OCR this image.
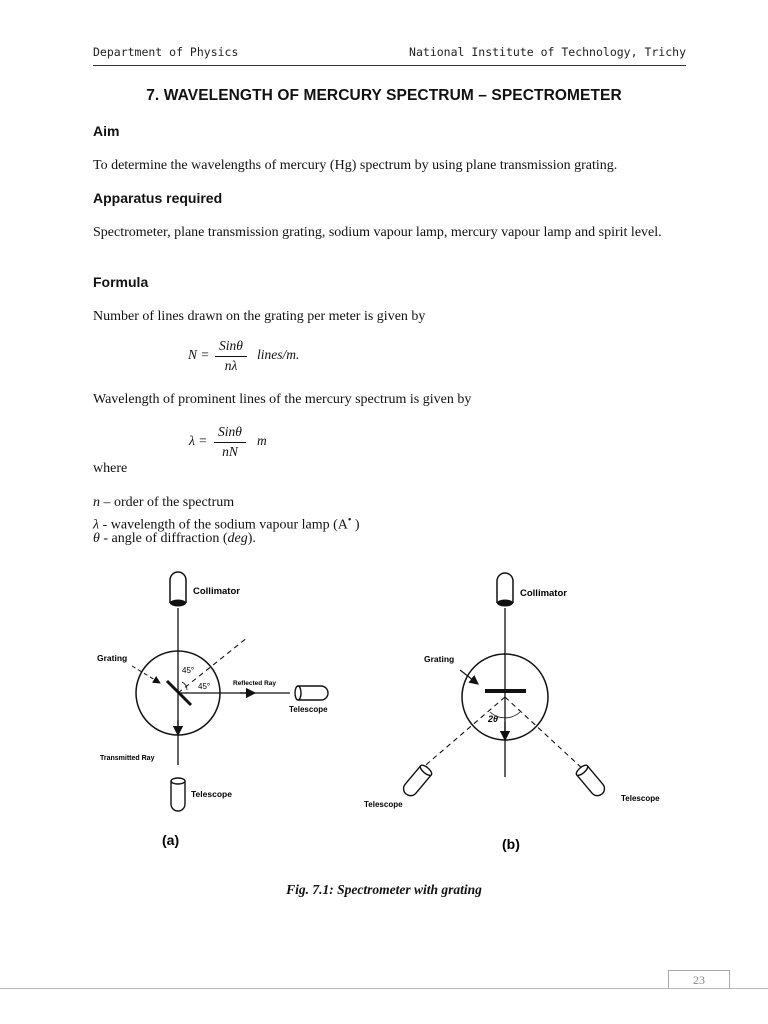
Department of Physics	National Institute of Technology, Trichy
7. WAVELENGTH OF MERCURY SPECTRUM – SPECTROMETER
Aim
To determine the wavelengths of mercury (Hg) spectrum by using plane transmission grating.
Apparatus required
Spectrometer, plane transmission grating, sodium vapour lamp, mercury vapour lamp and spirit level.
Formula
Number of lines drawn on the grating per meter is given by
N =
Sinθ
nλ
lines/m.
Wavelength of prominent lines of the mercury spectrum is given by
λ =
Sinθ
nN
m
where
n – order of the spectrum
λ - wavelength of the sodium vapour lamp (A• )
θ - angle of diffraction (deg).
Collimator
Grating
45°
45°	Reflected Ray
Telescope
Transmitted Ray
Telescope
(a)
Collimator
2θ
Grating
Telescope
Telescope
(b)
Fig. 7.1: Spectrometer with grating
23
